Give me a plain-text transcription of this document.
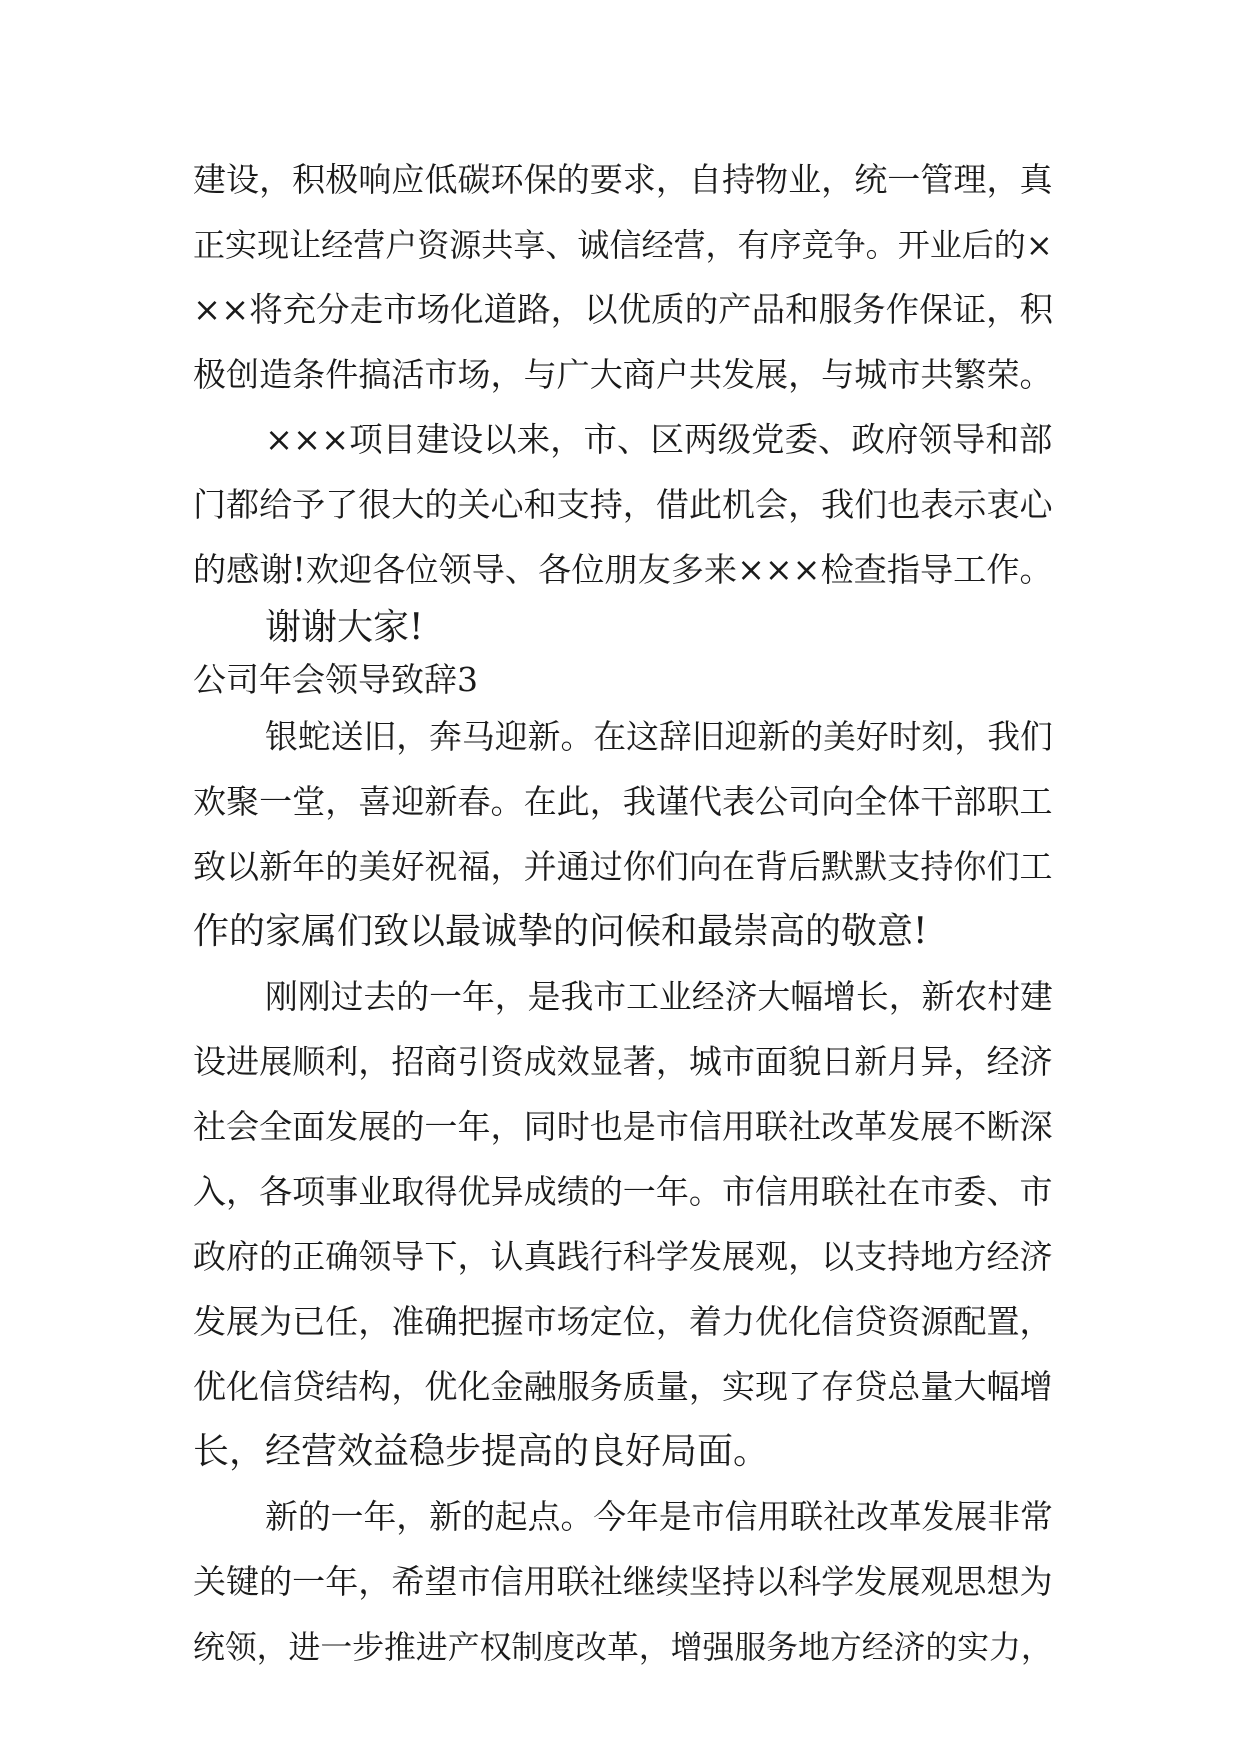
建设，积极响应低碳环保的要求，自持物业，统一管理，真
正实现让经营户资源共享、诚信经营，有序竞争。开业后的×
××将充分走市场化道路，以优质的产品和服务作保证，积
极创造条件搞活市场，与广大商户共发展，与城市共繁荣。
×××项目建设以来，市、区两级党委、政府领导和部
门都给予了很大的关心和支持，借此机会，我们也表示衷心
的感谢!欢迎各位领导、各位朋友多来×××检查指导工作。
谢谢大家!
公司年会领导致辞3
银蛇送旧，奔马迎新。在这辞旧迎新的美好时刻，我们
欢聚一堂，喜迎新春。在此，我谨代表公司向全体干部职工
致以新年的美好祝福，并通过你们向在背后默默支持你们工
作的家属们致以最诚挚的问候和最崇高的敬意!
刚刚过去的一年，是我市工业经济大幅增长，新农村建
设进展顺利，招商引资成效显著，城市面貌日新月异，经济
社会全面发展的一年，同时也是市信用联社改革发展不断深
入，各项事业取得优异成绩的一年。市信用联社在市委、市
政府的正确领导下，认真践行科学发展观，以支持地方经济
发展为已任，准确把握市场定位，着力优化信贷资源配置，
优化信贷结构，优化金融服务质量，实现了存贷总量大幅增
长，经营效益稳步提高的良好局面。
新的一年，新的起点。今年是市信用联社改革发展非常
关键的一年，希望市信用联社继续坚持以科学发展观思想为
统领，进一步推进产权制度改革，增强服务地方经济的实力，
